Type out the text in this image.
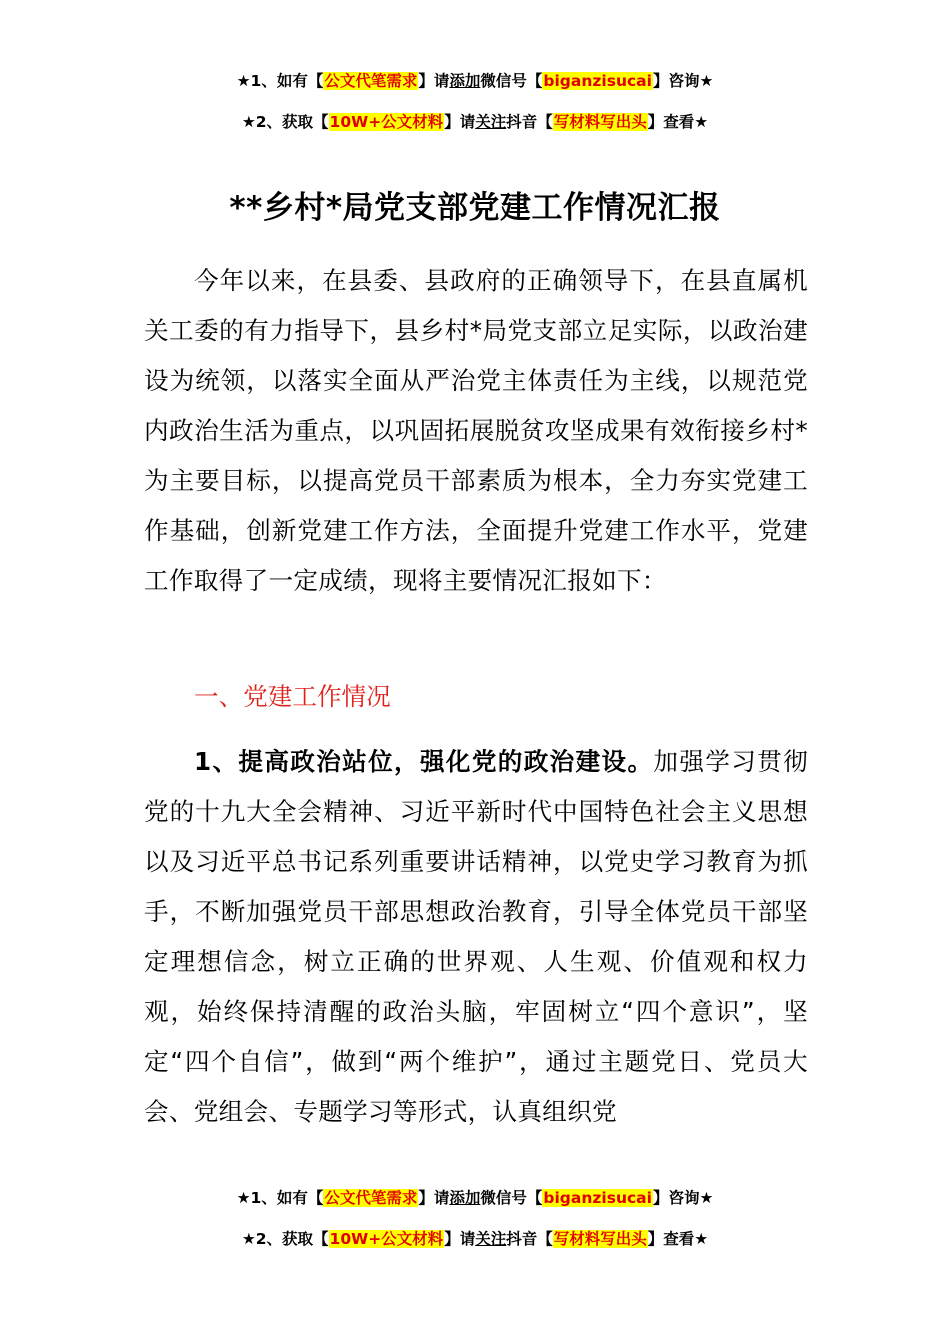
★1、如有【公文代笔需求】请添加微信号【biganzisucai】咨询★
★2、获取【10W+公文材料】请关注抖音【写材料写出头】查看★
**乡村*局党支部党建工作情况汇报

今年以来，在县委、县政府的正确领导下，在县直属机关工委的有力指导下，县乡村*局党支部立足实际，以政治建设为统领，以落实全面从严治党主体责任为主线，以规范党内政治生活为重点，以巩固拓展脱贫攻坚成果有效衔接乡村*为主要目标，以提高党员干部素质为根本，全力夯实党建工作基础，创新党建工作方法，全面提升党建工作水平，党建工作取得了一定成绩，现将主要情况汇报如下：

一、党建工作情况

1、提高政治站位，强化党的政治建设。加强学习贯彻党的十九大全会精神、习近平新时代中国特色社会主义思想以及习近平总书记系列重要讲话精神，以党史学习教育为抓手，不断加强党员干部思想政治教育，引导全体党员干部坚定理想信念，树立正确的世界观、人生观、价值观和权力观，始终保持清醒的政治头脑，牢固树立“四个意识”，坚定“四个自信”，做到“两个维护”，通过主题党日、党员大会、党组会、专题学习等形式，认真组织党

★1、如有【公文代笔需求】请添加微信号【biganzisucai】咨询★
★2、获取【10W+公文材料】请关注抖音【写材料写出头】查看★
